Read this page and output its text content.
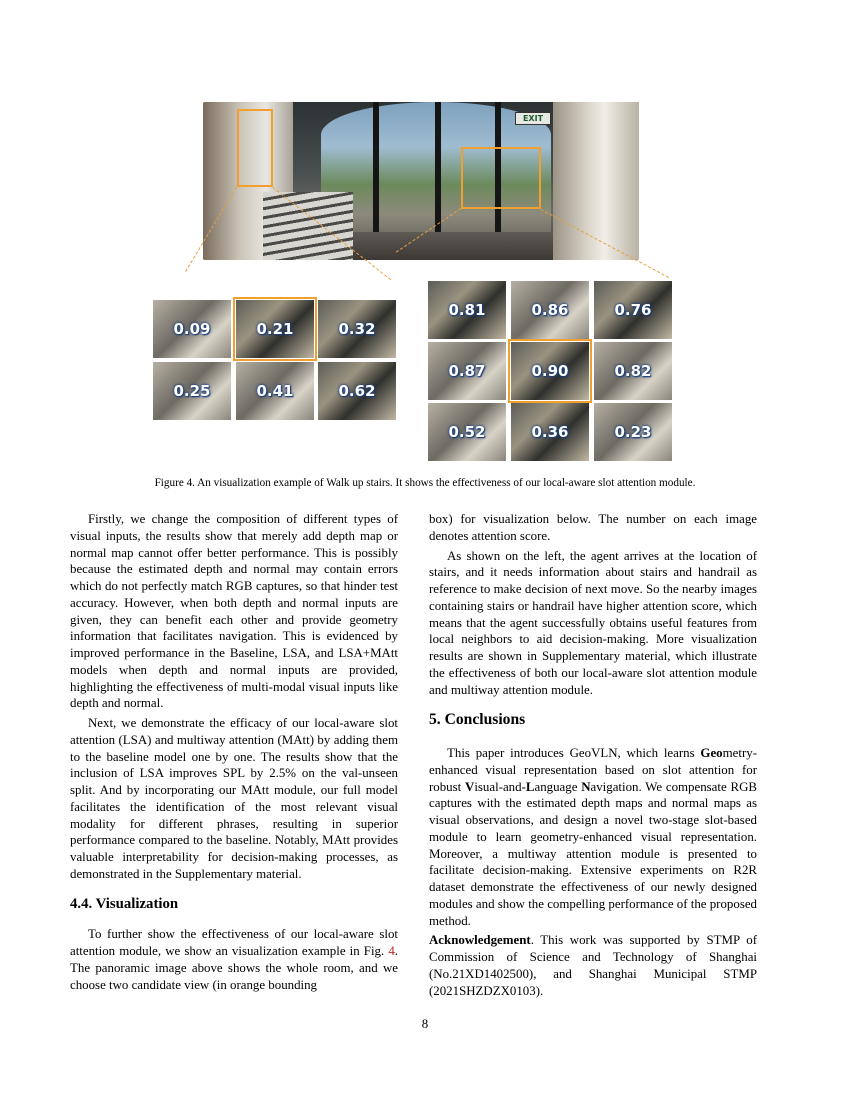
EXIT
0.09	0.21	0.32
0.25	0.41	0.62
0.81	0.86	0.76
0.87	0.90	0.82
0.52	0.36	0.23
Figure 4. An visualization example of Walk up stairs. It shows the effectiveness of our local-aware slot attention module.

Firstly, we change the composition of different types of visual inputs, the results show that merely add depth map or normal map cannot offer better performance. This is possibly because the estimated depth and normal may contain errors which do not perfectly match RGB captures, so that hinder test accuracy. However, when both depth and normal inputs are given, they can benefit each other and provide geometry information that facilitates navigation. This is evidenced by improved performance in the Baseline, LSA, and LSA+MAtt models when depth and normal inputs are provided, highlighting the effectiveness of multi-modal visual inputs like depth and normal.

Next, we demonstrate the efficacy of our local-aware slot attention (LSA) and multiway attention (MAtt) by adding them to the baseline model one by one. The results show that the inclusion of LSA improves SPL by 2.5% on the val-unseen split. And by incorporating our MAtt module, our full model facilitates the identification of the most relevant visual modality for different phrases, resulting in superior performance compared to the baseline. Notably, MAtt provides valuable interpretability for decision-making processes, as demonstrated in the Supplementary material.

4.4. Visualization

To further show the effectiveness of our local-aware slot attention module, we show an visualization example in Fig. 4. The panoramic image above shows the whole room, and we choose two candidate view (in orange bounding

box) for visualization below. The number on each image denotes attention score.

As shown on the left, the agent arrives at the location of stairs, and it needs information about stairs and handrail as reference to make decision of next move. So the nearby images containing stairs or handrail have higher attention score, which means that the agent successfully obtains useful features from local neighbors to aid decision-making. More visualization results are shown in Supplementary material, which illustrate the effectiveness of both our local-aware slot attention module and multiway attention module.

5. Conclusions

This paper introduces GeoVLN, which learns Geometry-enhanced visual representation based on slot attention for robust Visual-and-Language Navigation. We compensate RGB captures with the estimated depth maps and normal maps as visual observations, and design a novel two-stage slot-based module to learn geometry-enhanced visual representation. Moreover, a multiway attention module is presented to facilitate decision-making. Extensive experiments on R2R dataset demonstrate the effectiveness of our newly designed modules and show the compelling performance of the proposed method.

Acknowledgement. This work was supported by STMP of Commission of Science and Technology of Shanghai (No.21XD1402500), and Shanghai Municipal STMP (2021SHZDZX0103).

8
